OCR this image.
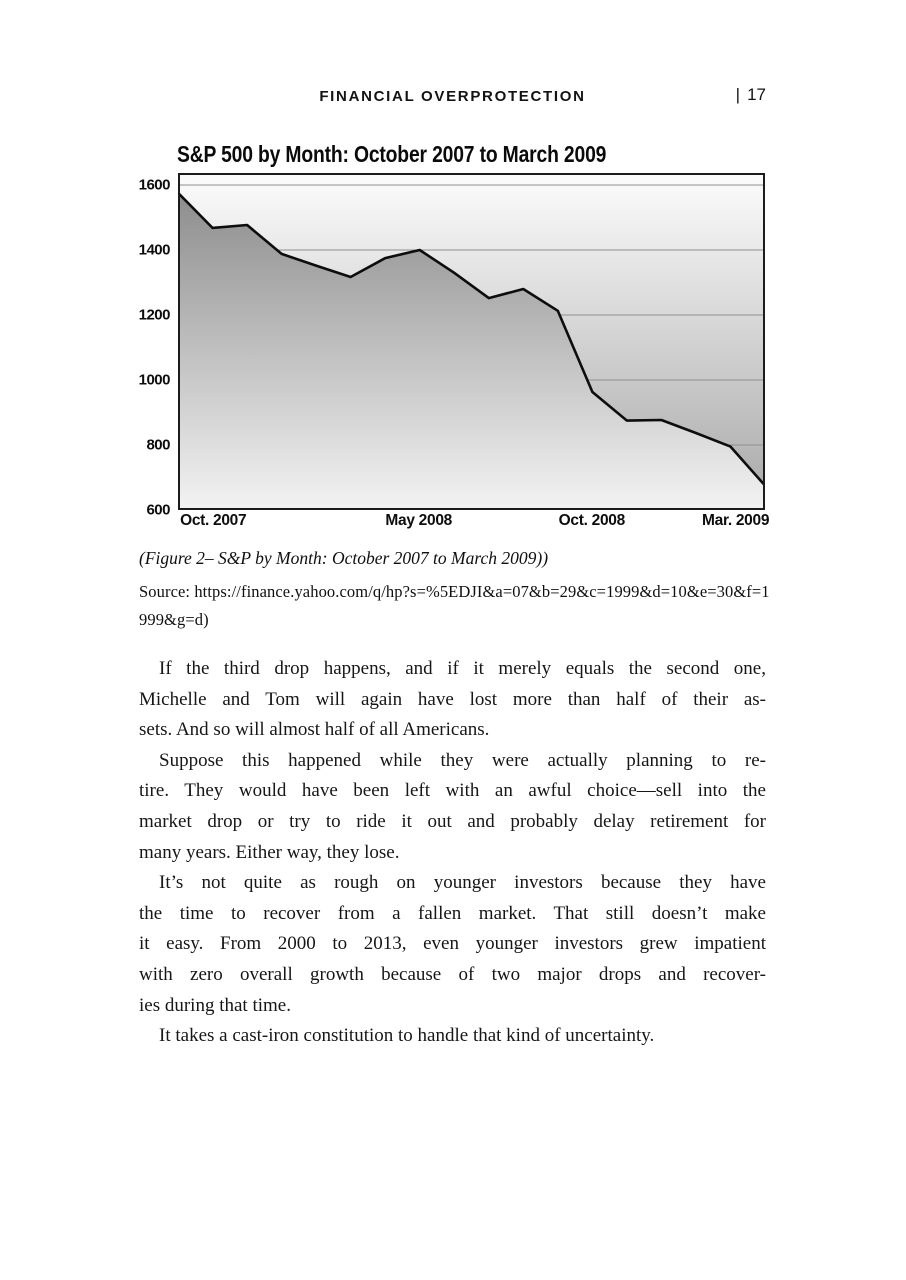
FINANCIAL OVERPROTECTION	| 17
S&P 500 by Month: October 2007 to March 2009
600
800
1000
1200
1400
1600
Oct. 2007	May 2008	Oct. 2008	Mar. 2009
(Figure 2– S&P by Month: October 2007 to March 2009))
Source: https://finance.yahoo.com/q/hp?s=%5EDJI&a=07&b=29&c=1999&d=10&e=30&f=1
999&g=d)

If the third drop happens, and if it merely equals the second one,
Michelle and Tom will again have lost more than half of their as-
sets. And so will almost half of all Americans.

Suppose this happened while they were actually planning to re-
tire. They would have been left with an awful choice—sell into the
market drop or try to ride it out and probably delay retirement for
many years. Either way, they lose.

It’s not quite as rough on younger investors because they have
the time to recover from a fallen market. That still doesn’t make
it easy. From 2000 to 2013, even younger investors grew impatient
with zero overall growth because of two major drops and recover-
ies during that time.

It takes a cast-iron constitution to handle that kind of uncertainty.
